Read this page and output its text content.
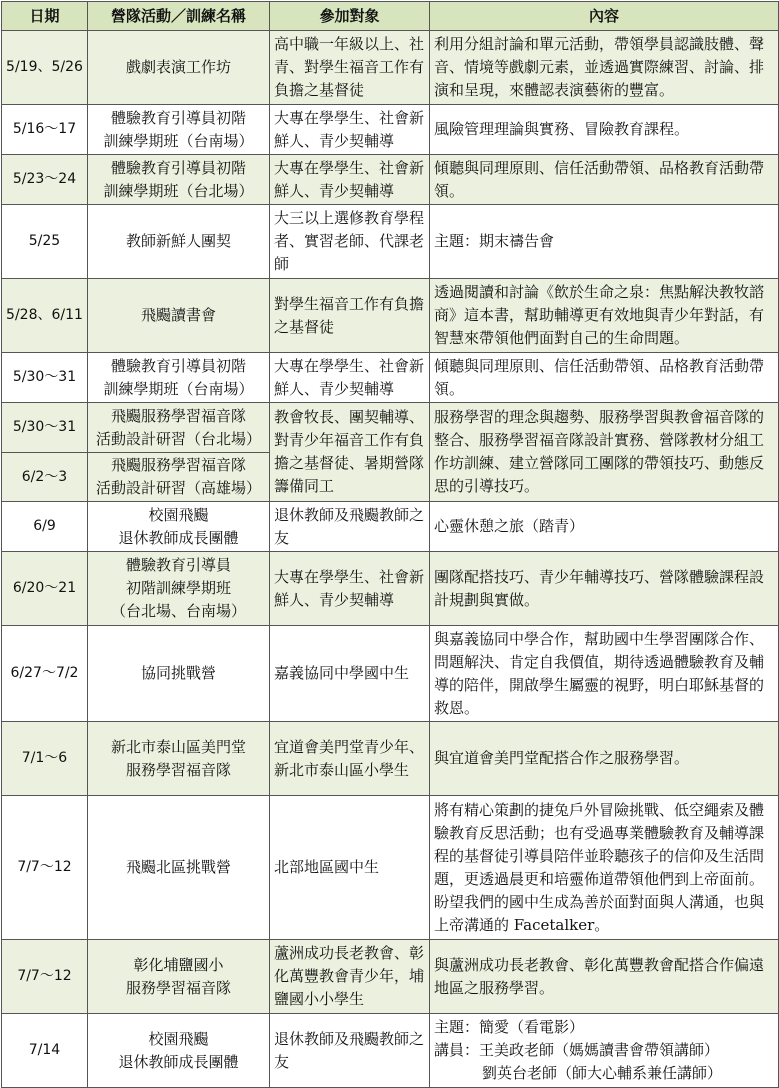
日期	營隊活動／訓練名稱	參加對象	內容
5/19、5/26	戲劇表演工作坊	高中職一年級以上、社青、對學生福音工作有負擔之基督徒	利用分組討論和單元活動，帶領學員認識肢體、聲音、情境等戲劇元素，並透過實際練習、討論、排演和呈現，來體認表演藝術的豐富。
5/16～17	體驗教育引導員初階
訓練學期班（台南場）	大專在學學生、社會新鮮人、青少契輔導	風險管理理論與實務、冒險教育課程。
5/23～24	體驗教育引導員初階
訓練學期班（台北場）	大專在學學生、社會新鮮人、青少契輔導	傾聽與同理原則、信任活動帶領、品格教育活動帶領。
5/25	教師新鮮人團契	大三以上選修教育學程者、實習老師、代課老師	主題：期末禱告會
5/28、6/11	飛颺讀書會	對學生福音工作有負擔之基督徒	透過閱讀和討論《飲於生命之泉：焦點解決教牧諮商》這本書，幫助輔導更有效地與青少年對話，有智慧來帶領他們面對自己的生命問題。
5/30～31	體驗教育引導員初階
訓練學期班（台南場）	大專在學學生、社會新鮮人、青少契輔導	傾聽與同理原則、信任活動帶領、品格教育活動帶領。
5/30～31	飛颺服務學習福音隊
活動設計研習（台北場）	教會牧長、團契輔導、對青少年福音工作有負擔之基督徒、暑期營隊籌備同工	服務學習的理念與趨勢、服務學習與教會福音隊的整合、服務學習福音隊設計實務、營隊教材分組工作坊訓練、建立營隊同工團隊的帶領技巧、動態反思的引導技巧。
6/2～3	飛颺服務學習福音隊
活動設計研習（高雄場）		

6/9	校園飛颺
退休教師成長團體	退休教師及飛颺教師之友	心靈休憩之旅（踏青）
6/20～21	體驗教育引導員
初階訓練學期班
（台北場、台南場）	大專在學學生、社會新鮮人、青少契輔導	團隊配搭技巧、青少年輔導技巧、營隊體驗課程設計規劃與實做。
6/27～7/2	協同挑戰營	嘉義協同中學國中生	與嘉義協同中學合作，幫助國中生學習團隊合作、問題解決、肯定自我價值，期待透過體驗教育及輔導的陪伴，開啟學生屬靈的視野，明白耶穌基督的救恩。
7/1～6	新北市泰山區美門堂
服務學習福音隊	宜道會美門堂青少年、新北市泰山區小學生	與宜道會美門堂配搭合作之服務學習。
7/7～12	飛颺北區挑戰營	北部地區國中生	將有精心策劃的捷兔戶外冒險挑戰、低空繩索及體驗教育反思活動；也有受過專業體驗教育及輔導課程的基督徒引導員陪伴並聆聽孩子的信仰及生活問題，更透過晨更和培靈佈道帶領他們到上帝面前。盼望我們的國中生成為善於面對面與人溝通，也與上帝溝通的 Facetalker。
7/7～12	彰化埔鹽國小
服務學習福音隊	蘆洲成功長老教會、彰化萬豐教會青少年，埔鹽國小小學生	與蘆洲成功長老教會、彰化萬豐教會配搭合作偏遠地區之服務學習。
7/14	校園飛颺
退休教師成長團體	退休教師及飛颺教師之友	主題：簡愛（看電影）
講員：王美政老師（媽媽讀書會帶領講師）
劉英台老師（師大心輔系兼任講師）
